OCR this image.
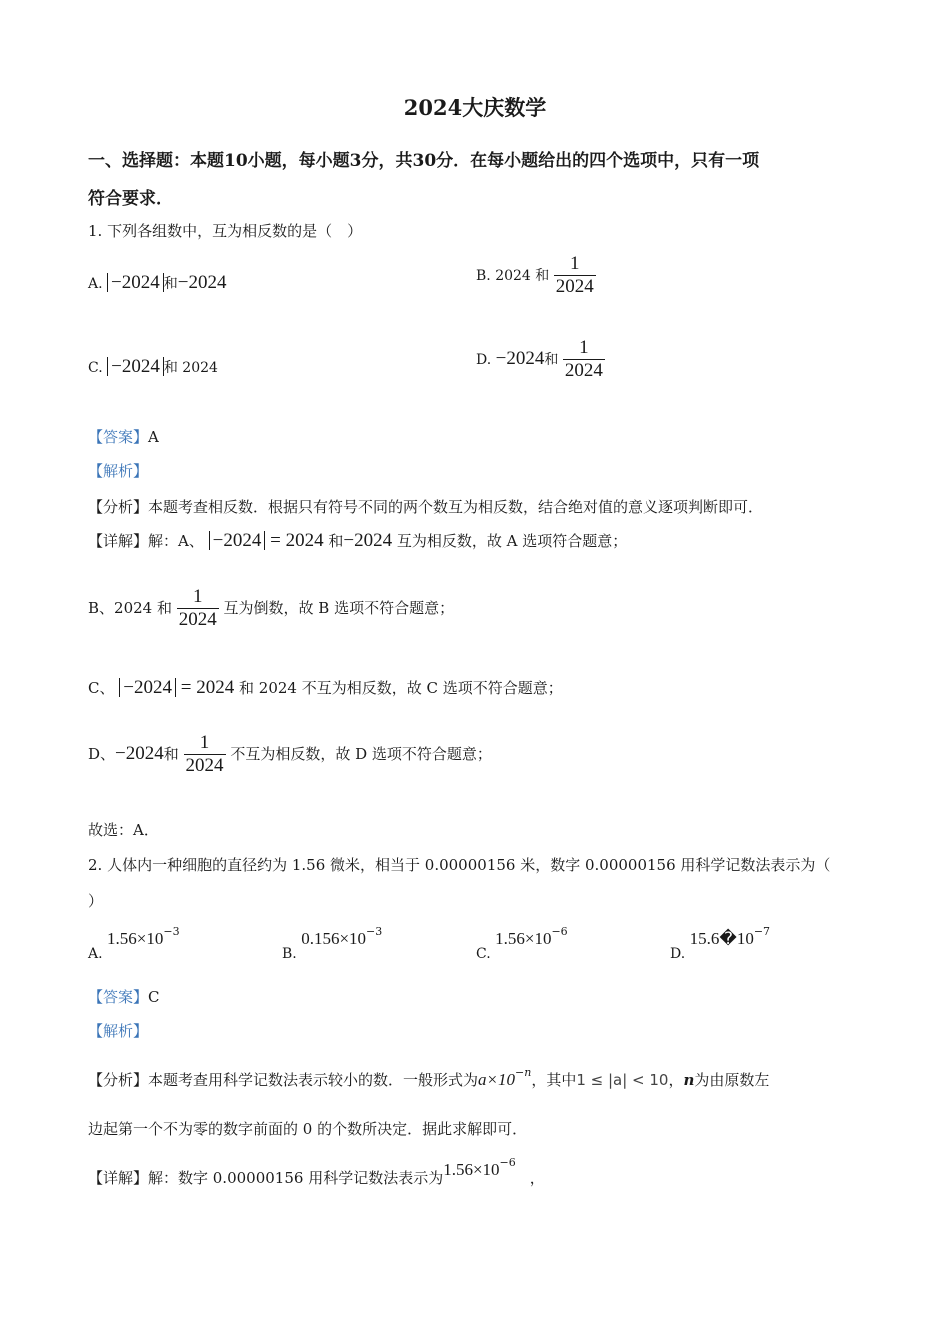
2024大庆数学
一、选择题：本题10小题，每小题3分，共30分．在每小题给出的四个选项中，只有一项
符合要求．
1. 下列各组数中，互为相反数的是（　）
A. −2024 和−2024	B. 2024 和 $\frac{1}{2024}$
C. −2024 和 2024
D. −2024和 $\frac{1}{2024}$
【答案】A
【解析】
【分析】本题考查相反数．根据只有符号不同的两个数互为相反数，结合绝对值的意义逐项判断即可．
【详解】解：A、 −2024 = 2024 和−2024 互为相反数，故 A 选项符合题意；
B、2024 和 $\frac{1}{2024}$ 互为倒数，故 B 选项不符合题意；
C、 −2024 = 2024 和 2024 不互为相反数，故 C 选项不符合题意；
D、−2024和 $\frac{1}{2024}$ 不互为相反数，故 D 选项不符合题意；
故选：A．
2. 人体内一种细胞的直径约为 1.56 微米，相当于 0.00000156 米，数字 0.00000156 用科学记数法表示为（
）
A. $1.56\times 10^{-3}$
B. $0.156\times 10^{-3}$
C. $1.56\times 10^{-6}$
D. $15.6�10^{-7}$
【答案】C
【解析】
【分析】本题考查用科学记数法表示较小的数．一般形式为$a\times 10^{-n}$，其中1 ≤ |a| < 10，n为由原数左
边起第一个不为零的数字前面的 0 的个数所决定．据此求解即可．
【详解】解：数字 0.00000156 用科学记数法表示为$1.56\times 10^{-6}$，
